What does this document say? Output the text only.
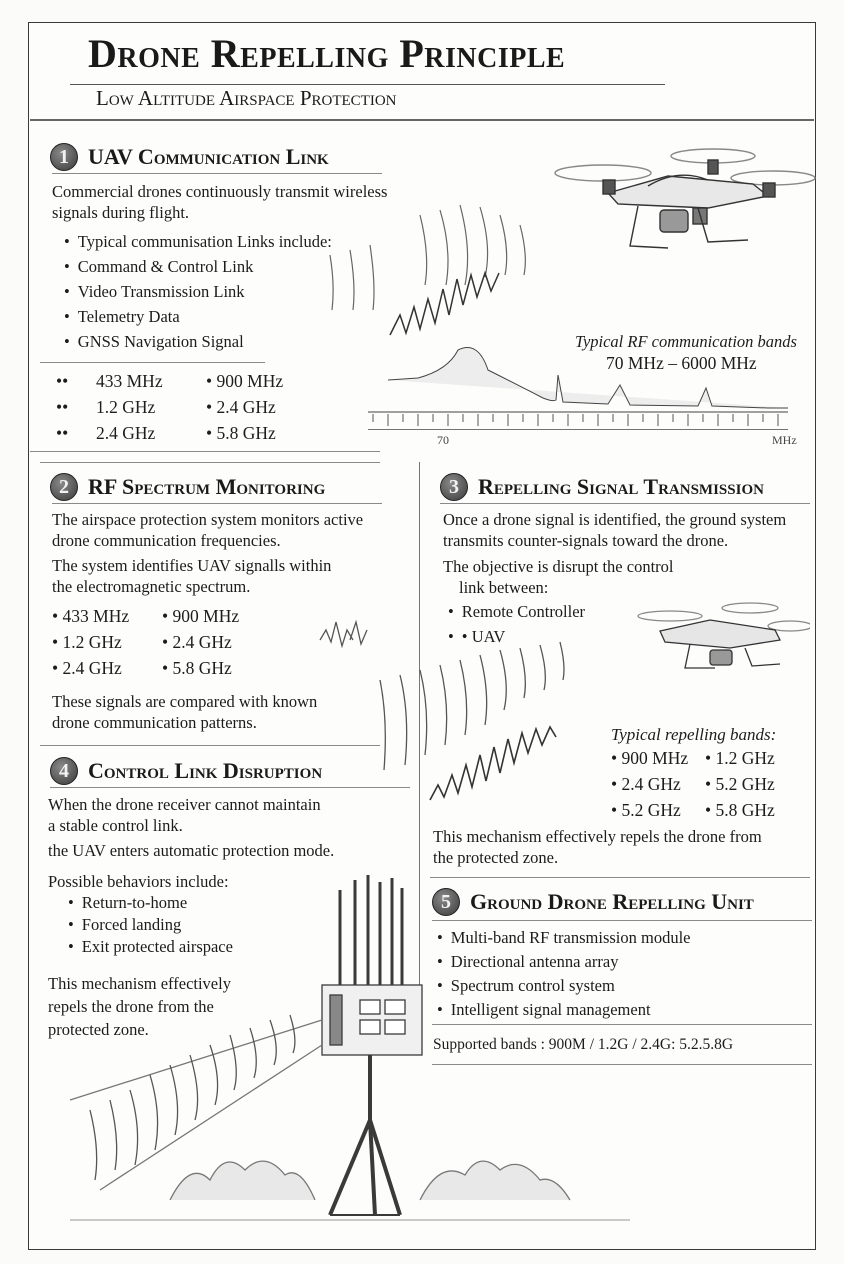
Drone Repelling Principle
Low Altitude Airspace Protection
1 UAV Communication Link
Commercial drones continuously transmit wireless signals during flight.
• Typical communisation Links include:
• Command & Control Link
• Video Transmission Link
• Telemetry Data
• GNSS Navigation Signal
••	433 MHz	• 900 MHz
••	1.2 GHz	• 2.4 GHz
••	2.4 GHz	• 5.8 GHz
Typical RF communication bands
70 MHz – 6000 MHz
70	MHz
2 RF Spectrum Monitoring
The airspace protection system monitors active drone communication frequencies.
The system identifies UAV signalls within the electromagnetic spectrum.
• 433 MHz	• 900 MHz
• 1.2 GHz	• 2.4 GHz
• 2.4 GHz	• 5.8 GHz
These signals are compared with known drone communication patterns.
3 Repelling Signal Transmission
Once a drone signal is identified, the ground system transmits counter-signals toward the drone.
The objective is disrupt the control
link between:
• Remote Controller
• • UAV
Typical repelling bands:
• 900 MHz	• 1.2 GHz
• 2.4 GHz	• 5.2 GHz
• 5.2 GHz	• 5.8 GHz
This mechanism effectively repels the drone from the protected zone.
4 Control Link Disruption
When the drone receiver cannot maintain
a stable control link.
the UAV enters automatic protection mode.
Possible behaviors include:
• Return-to-home
• Forced landing
• Exit protected airspace
This mechanism effectively
repels the drone from the
protected zone.
5 Ground Drone Repelling Unit
• Multi-band RF transmission module
• Directional antenna array
• Spectrum control system
• Intelligent signal management
Supported bands : 900M / 1.2G / 2.4G: 5.2.5.8G
